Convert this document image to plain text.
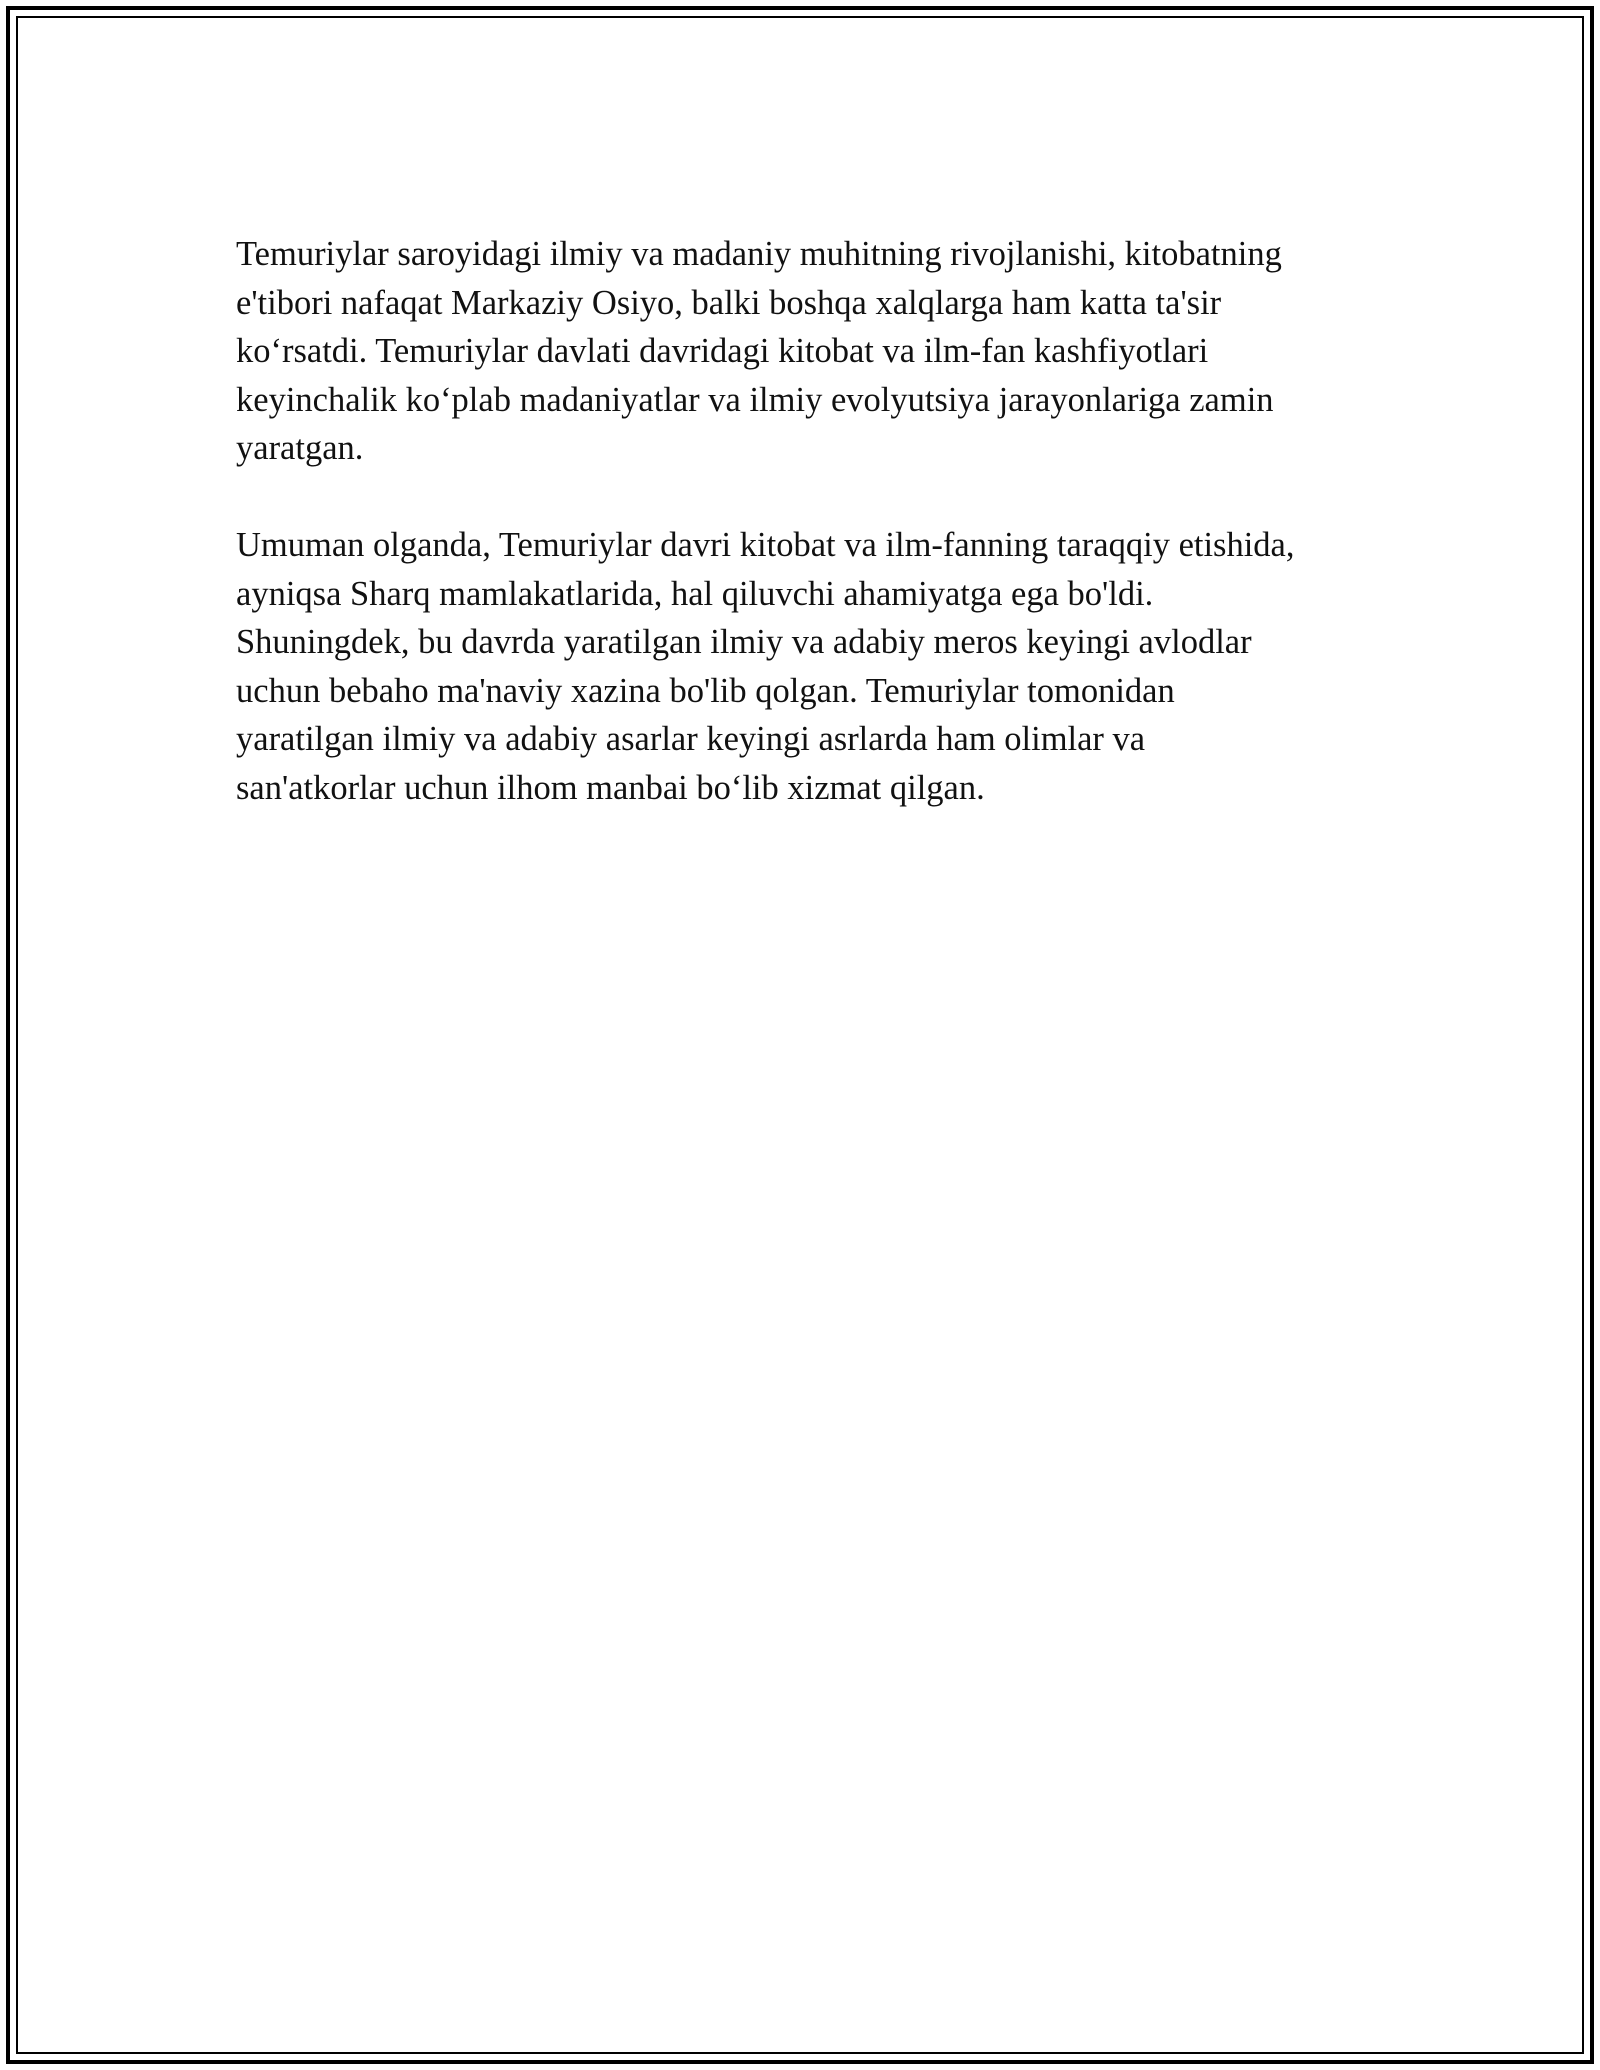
Temuriylar saroyidagi ilmiy va madaniy muhitning rivojlanishi, kitobatning
e'tibori nafaqat Markaziy Osiyo, balki boshqa xalqlarga ham katta ta'sir
ko‘rsatdi. Temuriylar davlati davridagi kitobat va ilm-fan kashfiyotlari
keyinchalik ko‘plab madaniyatlar va ilmiy evolyutsiya jarayonlariga zamin
yaratgan.

Umuman olganda, Temuriylar davri kitobat va ilm-fanning taraqqiy etishida,
ayniqsa Sharq mamlakatlarida, hal qiluvchi ahamiyatga ega bo'ldi.
Shuningdek, bu davrda yaratilgan ilmiy va adabiy meros keyingi avlodlar
uchun bebaho ma'naviy xazina bo'lib qolgan. Temuriylar tomonidan
yaratilgan ilmiy va adabiy asarlar keyingi asrlarda ham olimlar va
san'atkorlar uchun ilhom manbai bo‘lib xizmat qilgan.
